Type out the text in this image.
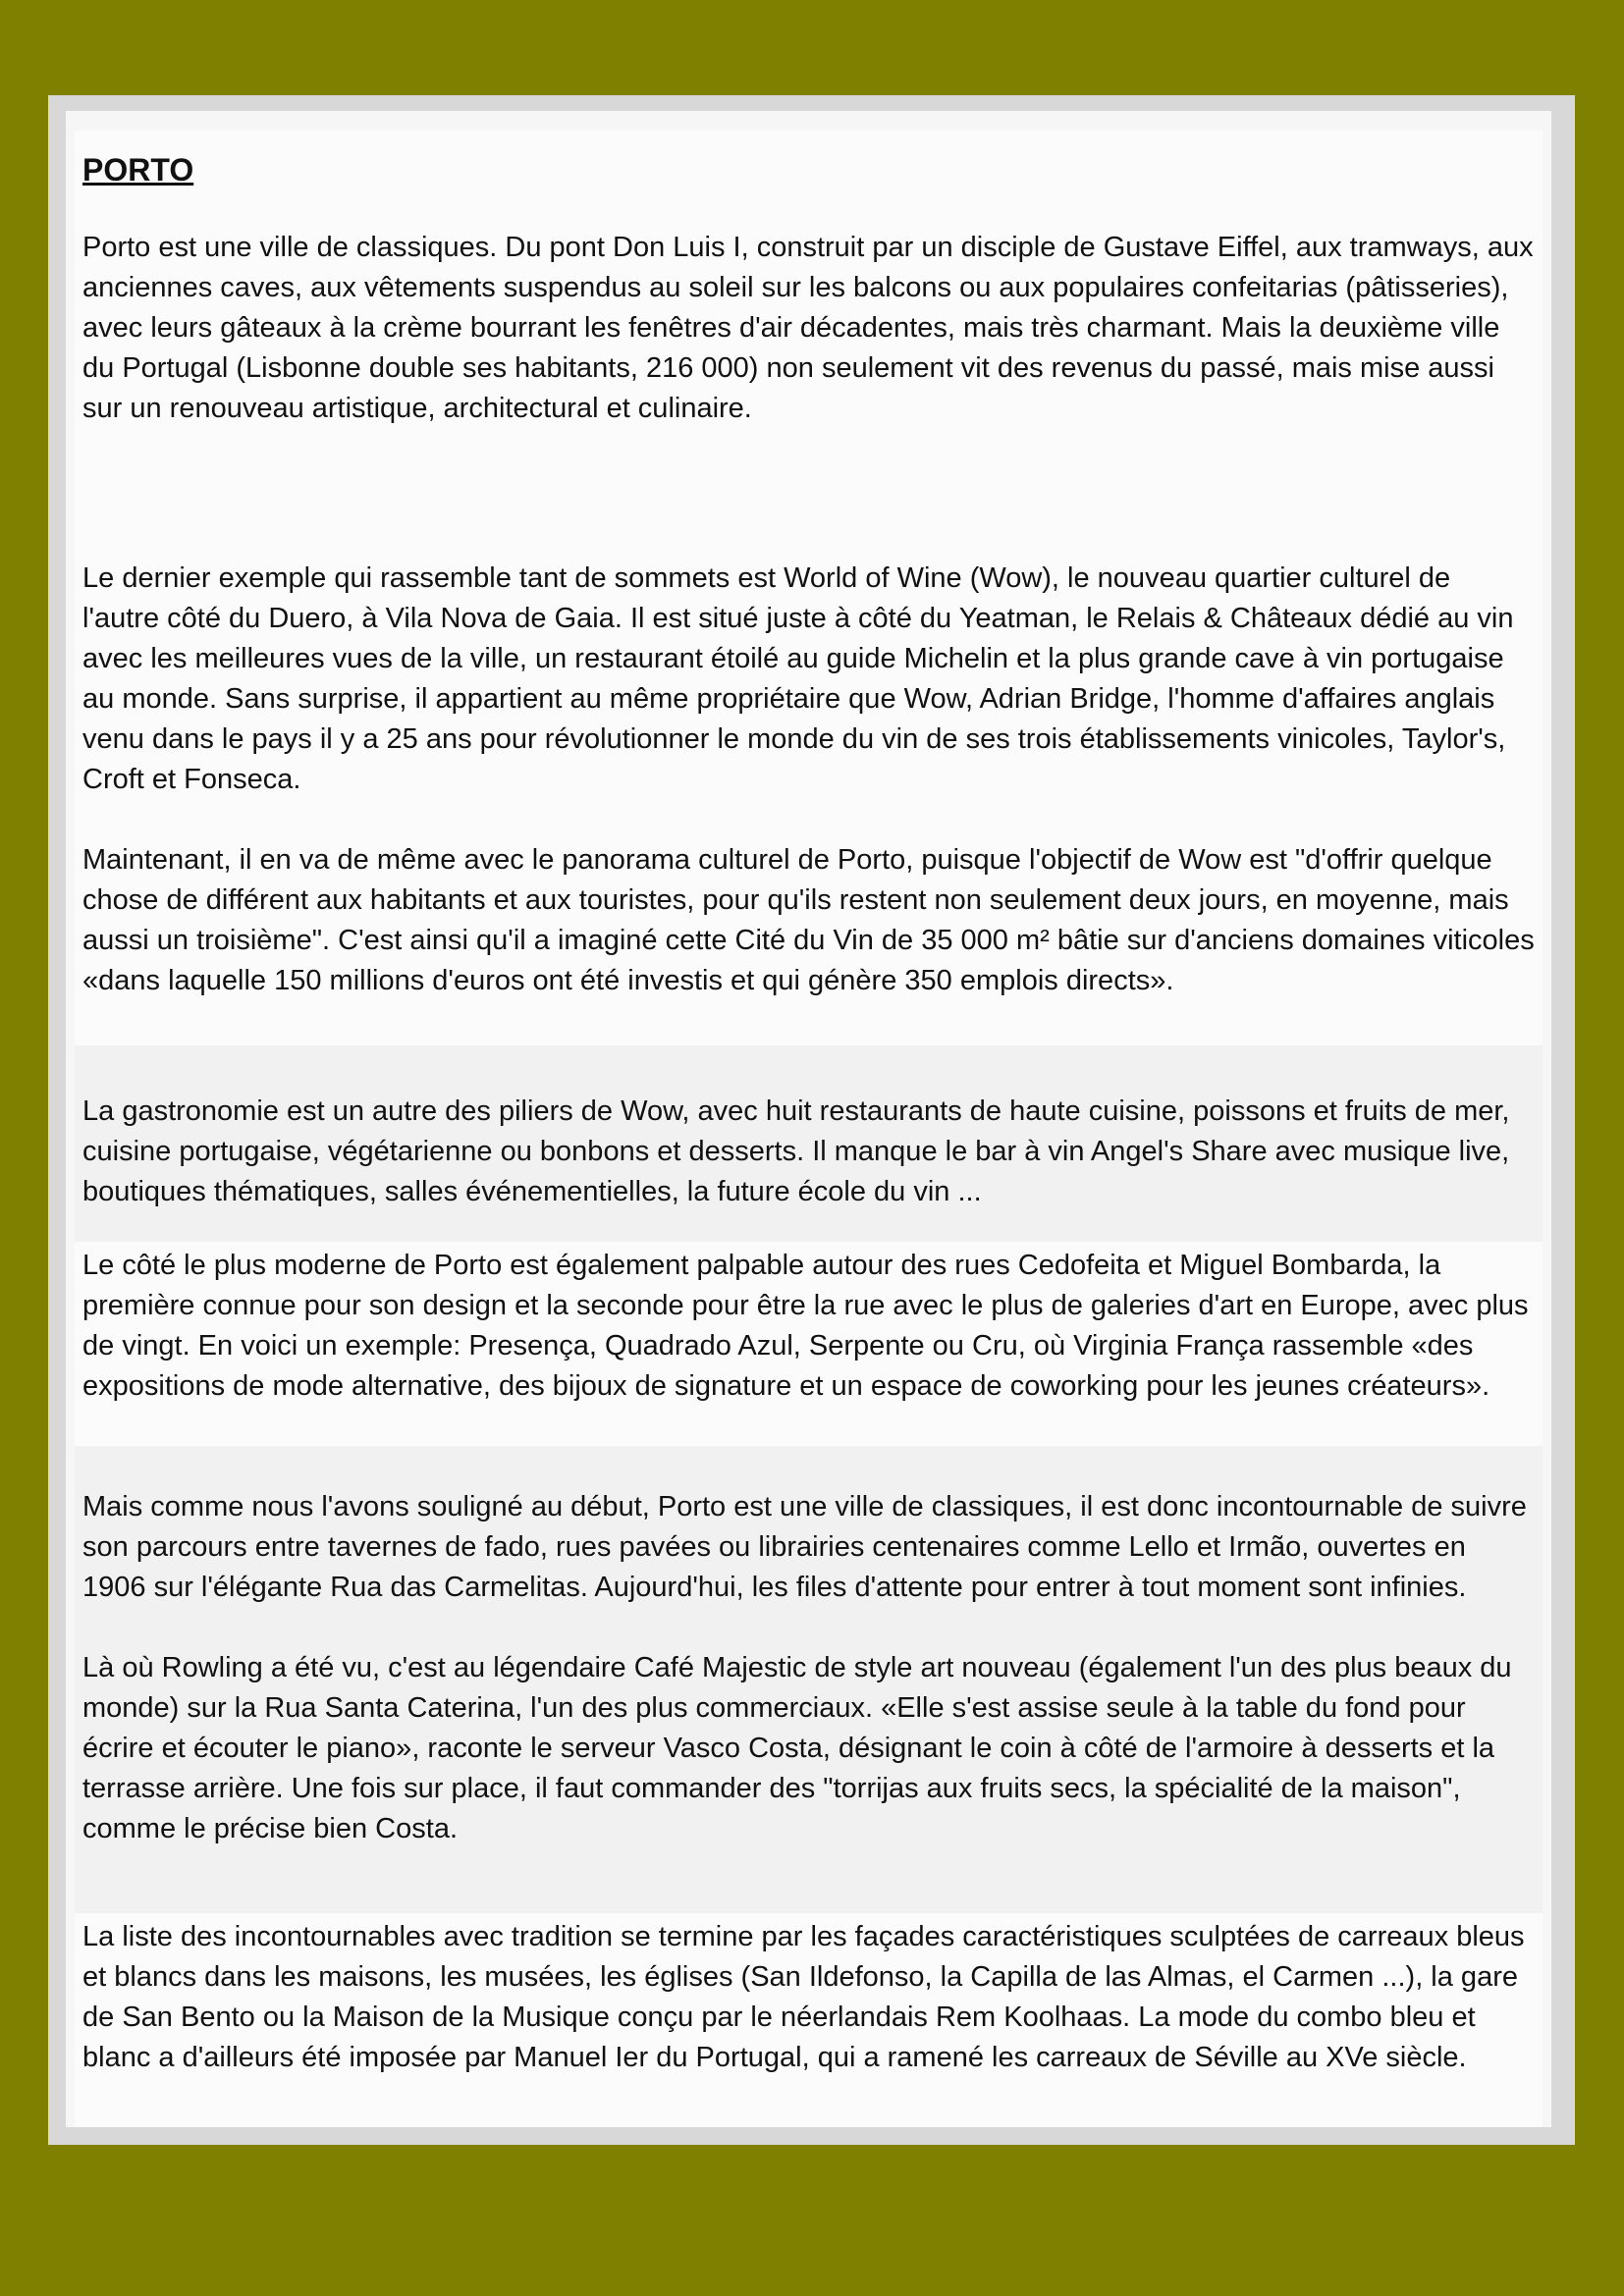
PORTO

Porto est une ville de classiques. Du pont Don Luis I, construit par un disciple de Gustave Eiffel, aux tramways, aux anciennes caves, aux vêtements suspendus au soleil sur les balcons ou aux populaires confeitarias (pâtisseries), avec leurs gâteaux à la crème bourrant les fenêtres d'air décadentes, mais très charmant. Mais la deuxième ville du Portugal (Lisbonne double ses habitants, 216 000) non seulement vit des revenus du passé, mais mise aussi sur un renouveau artistique, architectural et culinaire.

Le dernier exemple qui rassemble tant de sommets est World of Wine (Wow), le nouveau quartier culturel de l'autre côté du Duero, à Vila Nova de Gaia. Il est situé juste à côté du Yeatman, le Relais & Châteaux dédié au vin avec les meilleures vues de la ville, un restaurant étoilé au guide Michelin et la plus grande cave à vin portugaise au monde. Sans surprise, il appartient au même propriétaire que Wow, Adrian Bridge, l'homme d'affaires anglais venu dans le pays il y a 25 ans pour révolutionner le monde du vin de ses trois établissements vinicoles, Taylor's, Croft et Fonseca.

Maintenant, il en va de même avec le panorama culturel de Porto, puisque l'objectif de Wow est "d'offrir quelque chose de différent aux habitants et aux touristes, pour qu'ils restent non seulement deux jours, en moyenne, mais aussi un troisième". C'est ainsi qu'il a imaginé cette Cité du Vin de 35 000 m² bâtie sur d'anciens domaines viticoles «dans laquelle 150 millions d'euros ont été investis et qui génère 350 emplois directs».

La gastronomie est un autre des piliers de Wow, avec huit restaurants de haute cuisine, poissons et fruits de mer, cuisine portugaise, végétarienne ou bonbons et desserts. Il manque le bar à vin Angel's Share avec musique live, boutiques thématiques, salles événementielles, la future école du vin ...

Le côté le plus moderne de Porto est également palpable autour des rues Cedofeita et Miguel Bombarda, la première connue pour son design et la seconde pour être la rue avec le plus de galeries d'art en Europe, avec plus de vingt. En voici un exemple: Presença, Quadrado Azul, Serpente ou Cru, où Virginia França rassemble «des expositions de mode alternative, des bijoux de signature et un espace de coworking pour les jeunes créateurs».

Mais comme nous l'avons souligné au début, Porto est une ville de classiques, il est donc incontournable de suivre son parcours entre tavernes de fado, rues pavées ou librairies centenaires comme Lello et Irmão, ouvertes en 1906 sur l'élégante Rua das Carmelitas. Aujourd'hui, les files d'attente pour entrer à tout moment sont infinies.

Là où Rowling a été vu, c'est au légendaire Café Majestic de style art nouveau (également l'un des plus beaux du monde) sur la Rua Santa Caterina, l'un des plus commerciaux. «Elle s'est assise seule à la table du fond pour écrire et écouter le piano», raconte le serveur Vasco Costa, désignant le coin à côté de l'armoire à desserts et la terrasse arrière. Une fois sur place, il faut commander des "torrijas aux fruits secs, la spécialité de la maison", comme le précise bien Costa.

La liste des incontournables avec tradition se termine par les façades caractéristiques sculptées de carreaux bleus et blancs dans les maisons, les musées, les églises (San Ildefonso, la Capilla de las Almas, el Carmen ...), la gare de San Bento ou la Maison de la Musique conçu par le néerlandais Rem Koolhaas. La mode du combo bleu et blanc a d'ailleurs été imposée par Manuel Ier du Portugal, qui a ramené les carreaux de Séville au XVe siècle.
